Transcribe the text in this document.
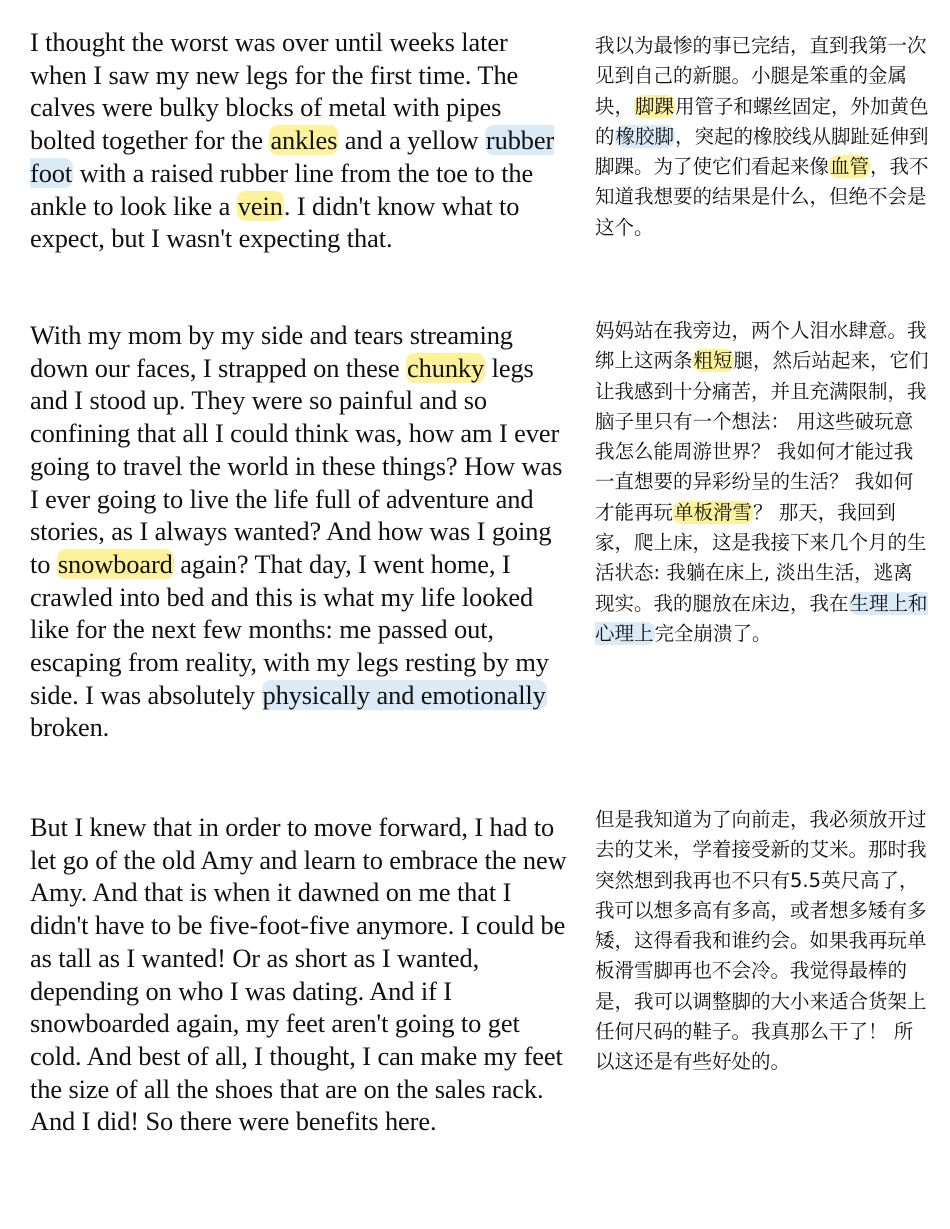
I thought the worst was over until weeks later when I saw my new legs for the first time. The calves were bulky blocks of metal with pipes bolted together for the ankles and a yellow rubber foot with a raised rubber line from the toe to the ankle to look like a vein. I didn't know what to expect, but I wasn't expecting that.

我以为最惨的事已完结，直到我第一次见到自己的新腿。小腿是笨重的金属块，脚踝用管子和螺丝固定，外加黄色的橡胶脚，突起的橡胶线从脚趾延伸到脚踝。为了使它们看起来像血管，我不知道我想要的结果是什么，但绝不会是这个。

With my mom by my side and tears streaming down our faces, I strapped on these chunky legs and I stood up. They were so painful and so confining that all I could think was, how am I ever going to travel the world in these things? How was I ever going to live the life full of adventure and stories, as I always wanted? And how was I going to snowboard again? That day, I went home, I crawled into bed and this is what my life looked like for the next few months: me passed out, escaping from reality, with my legs resting by my side. I was absolutely physically and emotionally broken.

妈妈站在我旁边，两个人泪水肆意。我绑上这两条粗短腿，然后站起来，它们让我感到十分痛苦，并且充满限制，我脑子里只有一个想法： 用这些破玩意我怎么能周游世界？ 我如何才能过我 一直想要的异彩纷呈的生活？ 我如何才能再玩单板滑雪？ 那天，我回到家，爬上床，这是我接下来几个月的生活状态: 我躺在床上, 淡出生活，逃离现实。我的腿放在床边，我在生理上和心理上完全崩溃了。

But I knew that in order to move forward, I had to let go of the old Amy and learn to embrace the new Amy. And that is when it dawned on me that I didn't have to be five-foot-five anymore. I could be as tall as I wanted! Or as short as I wanted, depending on who I was dating. And if I snowboarded again, my feet aren't going to get cold. And best of all, I thought, I can make my feet the size of all the shoes that are on the sales rack. And I did! So there were benefits here.

但是我知道为了向前走，我必须放开过去的艾米，学着接受新的艾米。那时我突然想到我再也不只有5.5英尺高了，我可以想多高有多高，或者想多矮有多矮，这得看我和谁约会。如果我再玩单板滑雪脚再也不会冷。我觉得最棒的是，我可以调整脚的大小来适合货架上任何尺码的鞋子。我真那么干了！ 所以这还是有些好处的。
